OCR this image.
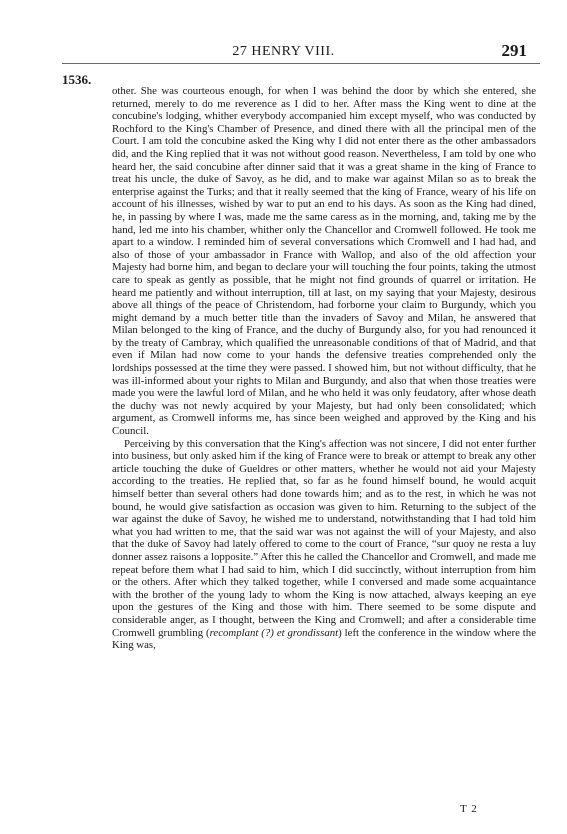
27 HENRY VIII.	291
1536.

other. She was courteous enough, for when I was behind the door by which she entered, she returned, merely to do me reverence as I did to her. After mass the King went to dine at the concubine's lodging, whither everybody accompanied him except myself, who was conducted by Rochford to the King's Chamber of Presence, and dined there with all the principal men of the Court. I am told the concubine asked the King why I did not enter there as the other ambassadors did, and the King replied that it was not without good reason. Nevertheless, I am told by one who heard her, the said concubine after dinner said that it was a great shame in the king of France to treat his uncle, the duke of Savoy, as he did, and to make war against Milan so as to break the enterprise against the Turks; and that it really seemed that the king of France, weary of his life on account of his illnesses, wished by war to put an end to his days. As soon as the King had dined, he, in passing by where I was, made me the same caress as in the morning, and, taking me by the hand, led me into his chamber, whither only the Chancellor and Cromwell followed. He took me apart to a window. I reminded him of several conversations which Cromwell and I had had, and also of those of your ambassador in France with Wallop, and also of the old affection your Majesty had borne him, and began to declare your will touching the four points, taking the utmost care to speak as gently as possible, that he might not find grounds of quarrel or irritation. He heard me patiently and without interruption, till at last, on my saying that your Majesty, desirous above all things of the peace of Christendom, had forborne your claim to Burgundy, which you might demand by a much better title than the invaders of Savoy and Milan, he answered that Milan belonged to the king of France, and the duchy of Burgundy also, for you had renounced it by the treaty of Cambray, which qualified the unreasonable conditions of that of Madrid, and that even if Milan had now come to your hands the defensive treaties comprehended only the lordships possessed at the time they were passed. I showed him, but not without difficulty, that he was ill-informed about your rights to Milan and Burgundy, and also that when those treaties were made you were the lawful lord of Milan, and he who held it was only feudatory, after whose death the duchy was not newly acquired by your Majesty, but had only been consolidated; which argument, as Cromwell informs me, has since been weighed and approved by the King and his Council.

Perceiving by this conversation that the King's affection was not sincere, I did not enter further into business, but only asked him if the king of France were to break or attempt to break any other article touching the duke of Gueldres or other matters, whether he would not aid your Majesty according to the treaties. He replied that, so far as he found himself bound, he would acquit himself better than several others had done towards him; and as to the rest, in which he was not bound, he would give satisfaction as occasion was given to him. Returning to the subject of the war against the duke of Savoy, he wished me to understand, notwithstanding that I had told him what you had written to me, that the said war was not against the will of your Majesty, and also that the duke of Savoy had lately offered to come to the court of France, “sur quoy ne resta a luy donner assez raisons a lopposite.” After this he called the Chancellor and Cromwell, and made me repeat before them what I had said to him, which I did succinctly, without interruption from him or the others. After which they talked together, while I conversed and made some acquaintance with the brother of the young lady to whom the King is now attached, always keeping an eye upon the gestures of the King and those with him. There seemed to be some dispute and considerable anger, as I thought, between the King and Cromwell; and after a considerable time Cromwell grumbling (recomplant (?) et grondissant) left the conference in the window where the King was,

T 2
